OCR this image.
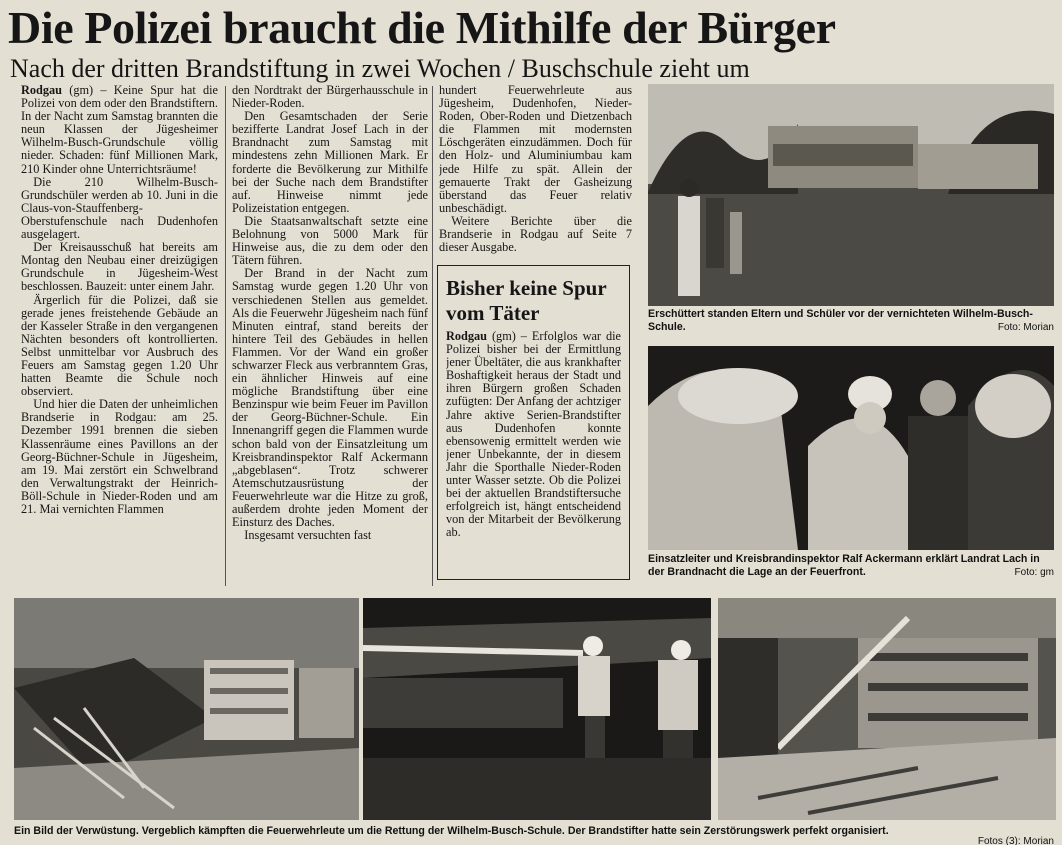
Die Polizei braucht die Mithilfe der Bürger
Nach der dritten Brandstiftung in zwei Wochen / Buschschule zieht um

Rodgau (gm) – Keine Spur hat die Polizei von dem oder den Brandstiftern. In der Nacht zum Samstag brannten die neun Klassen der Jügesheimer Wilhelm-Busch-Grundschule völlig nieder. Schaden: fünf Millionen Mark, 210 Kinder ohne Unterrichtsräume!

Die 210 Wilhelm-Busch-Grundschüler werden ab 10. Juni in die Claus-von-Stauffenberg-Oberstufenschule nach Dudenhofen ausgelagert.

Der Kreisausschuß hat bereits am Montag den Neubau einer dreizügigen Grundschule in Jügesheim-West beschlossen. Bauzeit: unter einem Jahr.

Ärgerlich für die Polizei, daß sie gerade jenes freistehende Gebäude an der Kasseler Straße in den vergangenen Nächten besonders oft kontrollierten. Selbst unmittelbar vor Ausbruch des Feuers am Samstag gegen 1.20 Uhr hatten Beamte die Schule noch observiert.

Und hier die Daten der unheimlichen Brandserie in Rodgau: am 25. Dezember 1991 brennen die sieben Klassenräume eines Pavillons an der Georg-Büchner-Schule in Jügesheim, am 19. Mai zerstört ein Schwelbrand den Verwaltungstrakt der Heinrich-Böll-Schule in Nieder-Roden und am 21. Mai vernichten Flammen

den Nordtrakt der Bürgerhausschule in Nieder-Roden.

Den Gesamtschaden der Serie bezifferte Landrat Josef Lach in der Brandnacht zum Samstag mit mindestens zehn Millionen Mark. Er forderte die Bevölkerung zur Mithilfe bei der Suche nach dem Brandstifter auf. Hinweise nimmt jede Polizeistation entgegen.

Die Staatsanwaltschaft setzte eine Belohnung von 5000 Mark für Hinweise aus, die zu dem oder den Tätern führen.

Der Brand in der Nacht zum Samstag wurde gegen 1.20 Uhr von verschiedenen Stellen aus gemeldet. Als die Feuerwehr Jügesheim nach fünf Minuten eintraf, stand bereits der hintere Teil des Gebäudes in hellen Flammen. Vor der Wand ein großer schwarzer Fleck aus verbranntem Gras, ein ähnlicher Hinweis auf eine mögliche Brandstiftung über eine Benzinspur wie beim Feuer im Pavillon der Georg-Büchner-Schule. Ein Innenangriff gegen die Flammen wurde schon bald von der Einsatzleitung um Kreisbrandinspektor Ralf Ackermann „abgeblasen“. Trotz schwerer Atemschutzausrüstung der Feuerwehrleute war die Hitze zu groß, außerdem drohte jeden Moment der Einsturz des Daches.

Insgesamt versuchten fast

hundert Feuerwehrleute aus Jügesheim, Dudenhofen, Nieder-Roden, Ober-Roden und Dietzenbach die Flammen mit modernsten Löschgeräten einzudämmen. Doch für den Holz- und Aluminiumbau kam jede Hilfe zu spät. Allein der gemauerte Trakt der Gasheizung überstand das Feuer relativ unbeschädigt.

Weitere Berichte über die Brandserie in Rodgau auf Seite 7 dieser Ausgabe.

Bisher keine Spur vom Täter

Rodgau (gm) – Erfolglos war die Polizei bisher bei der Ermittlung jener Übeltäter, die aus krankhafter Boshaftigkeit heraus der Stadt und ihren Bürgern großen Schaden zufügten: Der Anfang der achtziger Jahre aktive Serien-Brandstifter aus Dudenhofen konnte ebensowenig ermittelt werden wie jener Unbekannte, der in diesem Jahr die Sporthalle Nieder-Roden unter Wasser setzte. Ob die Polizei bei der aktuellen Brandstiftersuche erfolgreich ist, hängt entscheidend von der Mitarbeit der Bevölkerung ab.

Erschüttert standen Eltern und Schüler vor der vernichteten Wilhelm-Busch-Schule.	Foto: Morian
Einsatzleiter und Kreisbrandinspektor Ralf Ackermann erklärt Landrat Lach in der Brandnacht die Lage an der Feuerfront.	Foto: gm
Ein Bild der Verwüstung. Vergeblich kämpften die Feuerwehrleute um die Rettung der Wilhelm-Busch-Schule. Der Brandstifter hatte sein Zerstörungswerk perfekt organisiert.
Fotos (3): Morian
